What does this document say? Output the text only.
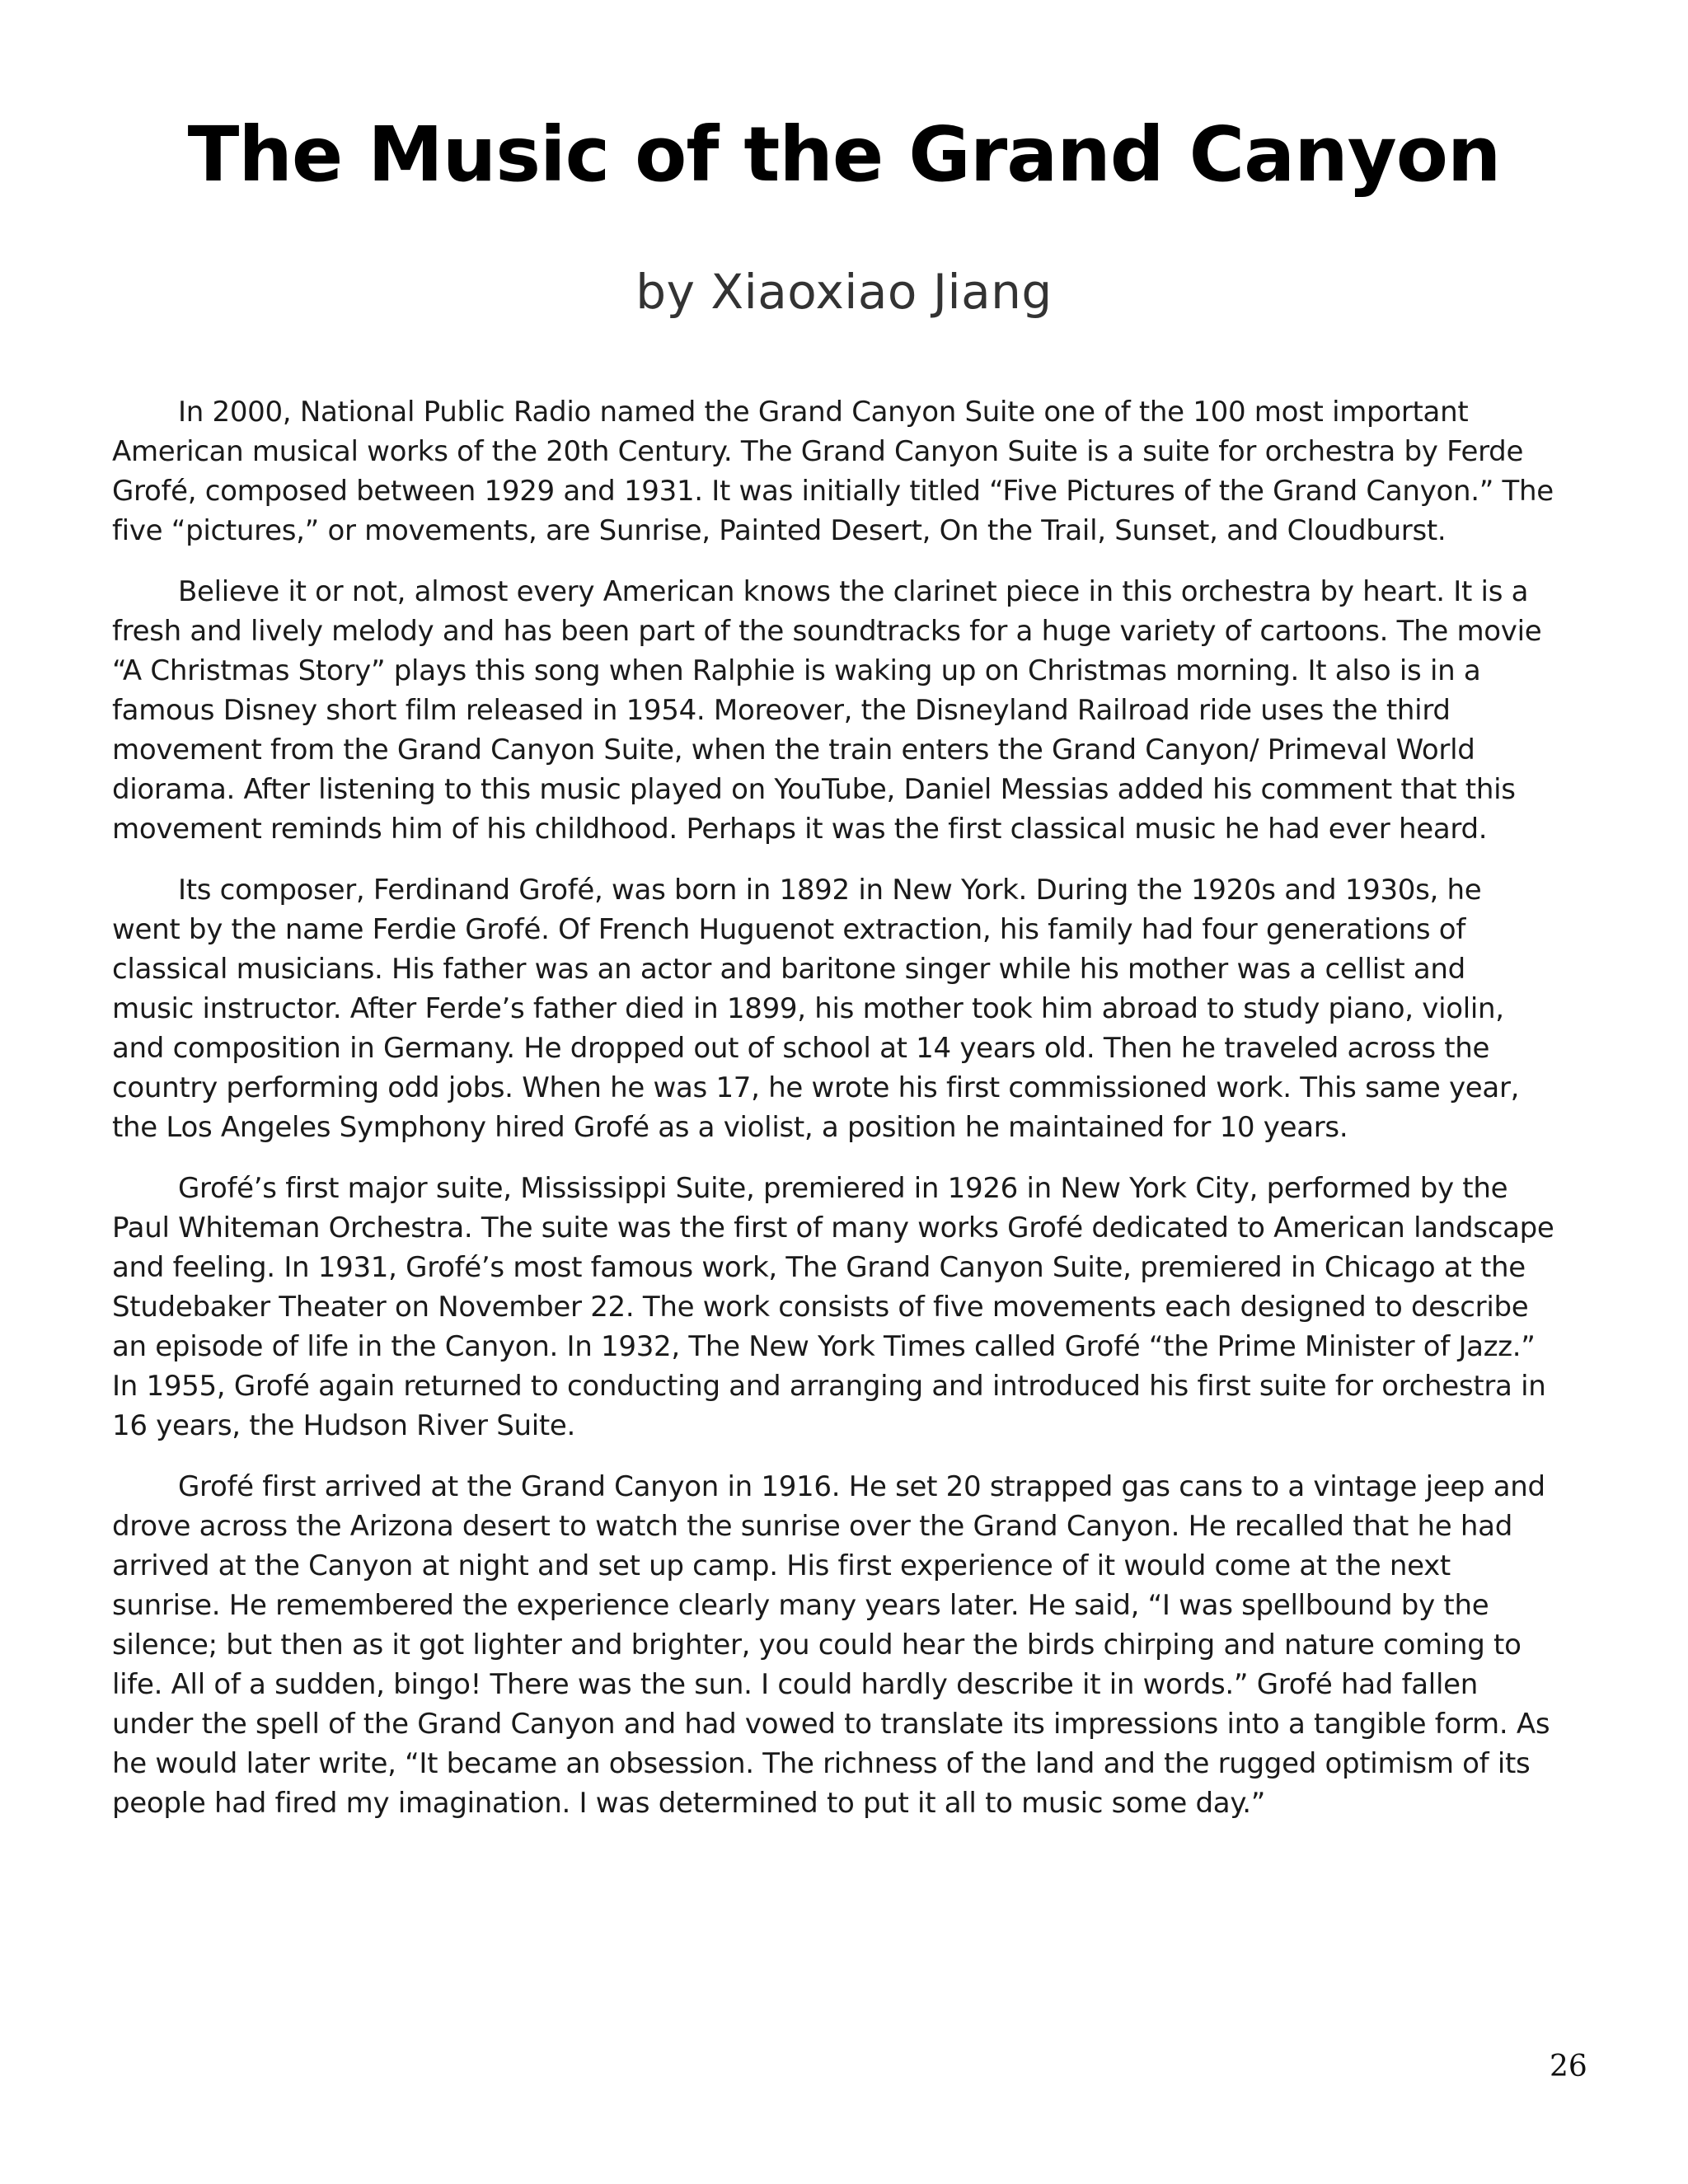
The Music of the Grand Canyon
by Xiaoxiao Jiang

In 2000, National Public Radio named the Grand Canyon Suite one of the 100 most important American musical works of the 20th Century. The Grand Canyon Suite is a suite for orchestra by Ferde Grofé, composed between 1929 and 1931. It was initially titled “Five Pictures of the Grand Canyon.” The five “pictures,” or movements, are Sunrise, Painted Desert, On the Trail, Sunset, and Cloudburst.

Believe it or not, almost every American knows the clarinet piece in this orchestra by heart. It is a fresh and lively melody and has been part of the soundtracks for a huge variety of cartoons. The movie “A Christmas Story” plays this song when Ralphie is waking up on Christmas morning. It also is in a famous Disney short film released in 1954. Moreover, the Disneyland Railroad ride uses the third movement from the Grand Canyon Suite, when the train enters the Grand Canyon/ Primeval World diorama. After listening to this music played on YouTube, Daniel Messias added his comment that this movement reminds him of his childhood. Perhaps it was the first classical music he had ever heard.

Its composer, Ferdinand Grofé, was born in 1892 in New York. During the 1920s and 1930s, he went by the name Ferdie Grofé. Of French Huguenot extraction, his family had four generations of classical musicians. His father was an actor and baritone singer while his mother was a cellist and music instructor. After Ferde’s father died in 1899, his mother took him abroad to study piano, violin, and composition in Germany. He dropped out of school at 14 years old. Then he traveled across the country performing odd jobs. When he was 17, he wrote his first commissioned work. This same year, the Los Angeles Symphony hired Grofé as a violist, a position he maintained for 10 years.

Grofé’s first major suite, Mississippi Suite, premiered in 1926 in New York City, performed by the Paul Whiteman Orchestra. The suite was the first of many works Grofé dedicated to American landscape and feeling. In 1931, Grofé’s most famous work, The Grand Canyon Suite, premiered in Chicago at the Studebaker Theater on November 22. The work consists of five movements each designed to describe an episode of life in the Canyon. In 1932, The New York Times called Grofé “the Prime Minister of Jazz.” In 1955, Grofé again returned to conducting and arranging and introduced his first suite for orchestra in 16 years, the Hudson River Suite.

Grofé first arrived at the Grand Canyon in 1916. He set 20 strapped gas cans to a vintage jeep and drove across the Arizona desert to watch the sunrise over the Grand Canyon. He recalled that he had arrived at the Canyon at night and set up camp. His first experience of it would come at the next sunrise. He remembered the experience clearly many years later. He said, “I was spellbound by the silence; but then as it got lighter and brighter, you could hear the birds chirping and nature coming to life. All of a sudden, bingo! There was the sun. I could hardly describe it in words.” Grofé had fallen under the spell of the Grand Canyon and had vowed to translate its impressions into a tangible form. As he would later write, “It became an obsession. The richness of the land and the rugged optimism of its people had fired my imagination. I was determined to put it all to music some day.”

26
